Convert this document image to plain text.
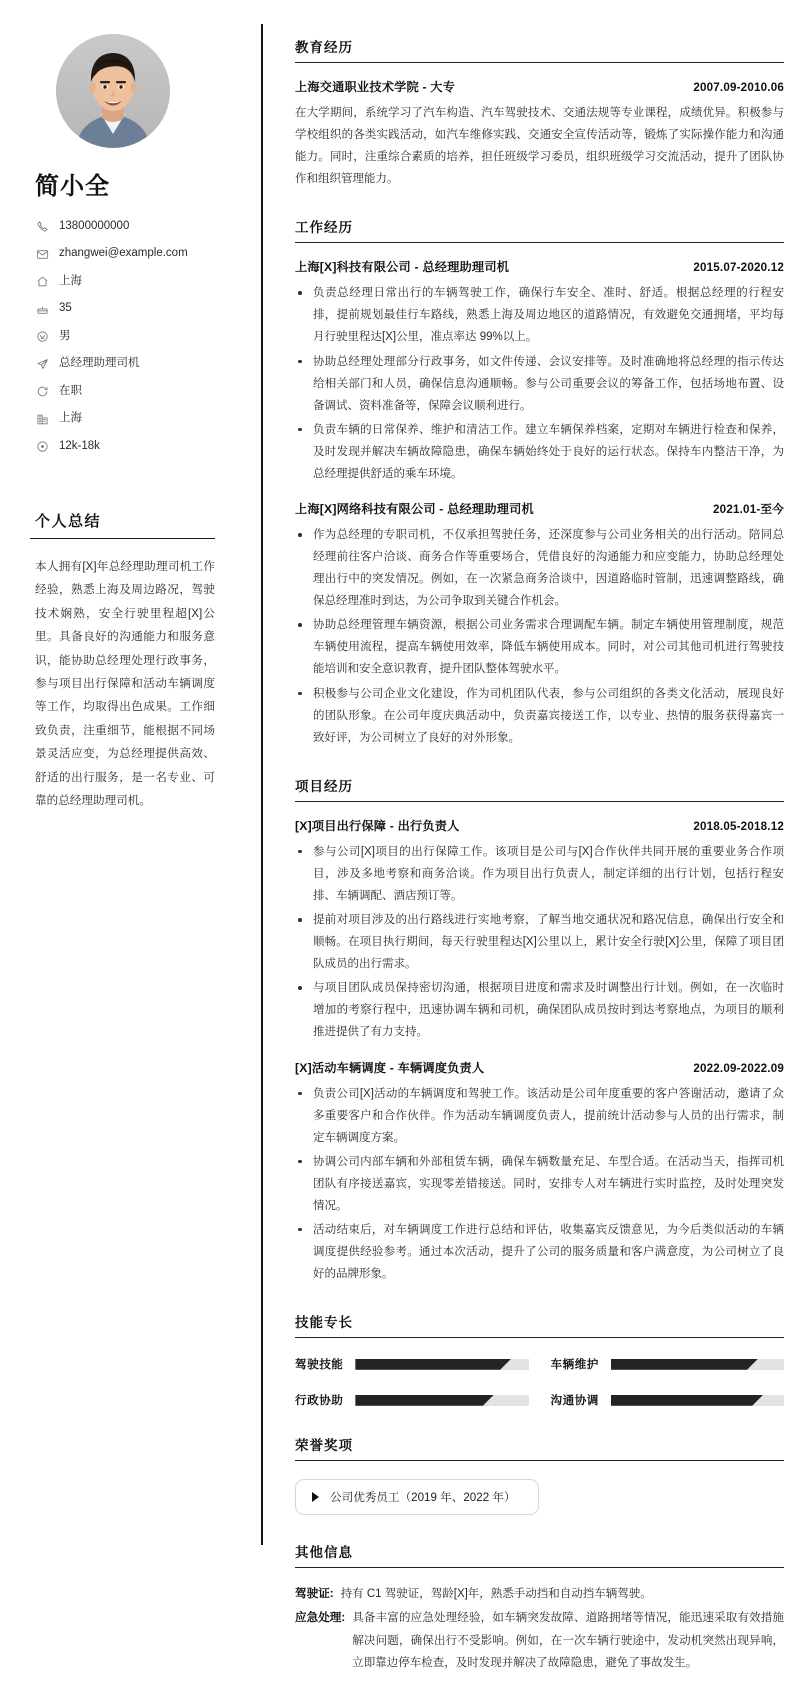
简小全
13800000000
zhangwei@example.com
上海
35
男
总经理助理司机
在职
上海
12k-18k
个人总结
本人拥有[X]年总经理助理司机工作经验，熟悉上海及周边路况，驾驶技术娴熟，安全行驶里程超[X]公里。具备良好的沟通能力和服务意识，能协助总经理处理行政事务，参与项目出行保障和活动车辆调度等工作，均取得出色成果。工作细致负责，注重细节，能根据不同场景灵活应变，为总经理提供高效、舒适的出行服务，是一名专业、可靠的总经理助理司机。
教育经历
上海交通职业技术学院 - 大专	2007.09-2010.06

在大学期间，系统学习了汽车构造、汽车驾驶技术、交通法规等专业课程，成绩优异。积极参与学校组织的各类实践活动，如汽车维修实践、交通安全宣传活动等，锻炼了实际操作能力和沟通能力。同时，注重综合素质的培养，担任班级学习委员，组织班级学习交流活动，提升了团队协作和组织管理能力。

工作经历
上海[X]科技有限公司 - 总经理助理司机	2015.07-2020.12
负责总经理日常出行的车辆驾驶工作，确保行车安全、准时、舒适。根据总经理的行程安排，提前规划最佳行车路线，熟悉上海及周边地区的道路情况，有效避免交通拥堵，平均每月行驶里程达[X]公里，准点率达 99%以上。
协助总经理处理部分行政事务，如文件传递、会议安排等。及时准确地将总经理的指示传达给相关部门和人员，确保信息沟通顺畅。参与公司重要会议的筹备工作，包括场地布置、设备调试、资料准备等，保障会议顺利进行。
负责车辆的日常保养、维护和清洁工作。建立车辆保养档案，定期对车辆进行检查和保养，及时发现并解决车辆故障隐患，确保车辆始终处于良好的运行状态。保持车内整洁干净，为总经理提供舒适的乘车环境。
上海[X]网络科技有限公司 - 总经理助理司机	2021.01-至今
作为总经理的专职司机，不仅承担驾驶任务，还深度参与公司业务相关的出行活动。陪同总经理前往客户洽谈、商务合作等重要场合，凭借良好的沟通能力和应变能力，协助总经理处理出行中的突发情况。例如，在一次紧急商务洽谈中，因道路临时管制，迅速调整路线，确保总经理准时到达，为公司争取到关键合作机会。
协助总经理管理车辆资源，根据公司业务需求合理调配车辆。制定车辆使用管理制度，规范车辆使用流程，提高车辆使用效率，降低车辆使用成本。同时，对公司其他司机进行驾驶技能培训和安全意识教育，提升团队整体驾驶水平。
积极参与公司企业文化建设，作为司机团队代表，参与公司组织的各类文化活动，展现良好的团队形象。在公司年度庆典活动中，负责嘉宾接送工作，以专业、热情的服务获得嘉宾一致好评，为公司树立了良好的对外形象。
项目经历
[X]项目出行保障 - 出行负责人	2018.05-2018.12
参与公司[X]项目的出行保障工作。该项目是公司与[X]合作伙伴共同开展的重要业务合作项目，涉及多地考察和商务洽谈。作为项目出行负责人，制定详细的出行计划，包括行程安排、车辆调配、酒店预订等。
提前对项目涉及的出行路线进行实地考察，了解当地交通状况和路况信息，确保出行安全和顺畅。在项目执行期间，每天行驶里程达[X]公里以上，累计安全行驶[X]公里，保障了项目团队成员的出行需求。
与项目团队成员保持密切沟通，根据项目进度和需求及时调整出行计划。例如，在一次临时增加的考察行程中，迅速协调车辆和司机，确保团队成员按时到达考察地点，为项目的顺利推进提供了有力支持。
[X]活动车辆调度 - 车辆调度负责人	2022.09-2022.09
负责公司[X]活动的车辆调度和驾驶工作。该活动是公司年度重要的客户答谢活动，邀请了众多重要客户和合作伙伴。作为活动车辆调度负责人，提前统计活动参与人员的出行需求，制定车辆调度方案。
协调公司内部车辆和外部租赁车辆，确保车辆数量充足、车型合适。在活动当天，指挥司机团队有序接送嘉宾，实现零差错接送。同时，安排专人对车辆进行实时监控，及时处理突发情况。
活动结束后，对车辆调度工作进行总结和评估，收集嘉宾反馈意见，为今后类似活动的车辆调度提供经验参考。通过本次活动，提升了公司的服务质量和客户满意度，为公司树立了良好的品牌形象。
技能专长
驾驶技能	车辆维护
行政协助	沟通协调
荣誉奖项
公司优秀员工（2019 年、2022 年）
其他信息
驾驶证: 持有 C1 驾驶证，驾龄[X]年，熟悉手动挡和自动挡车辆驾驶。
应急处理: 具备丰富的应急处理经验，如车辆突发故障、道路拥堵等情况，能迅速采取有效措施解决问题，确保出行不受影响。例如，在一次车辆行驶途中，发动机突然出现异响，立即靠边停车检查，及时发现并解决了故障隐患，避免了事故发生。
